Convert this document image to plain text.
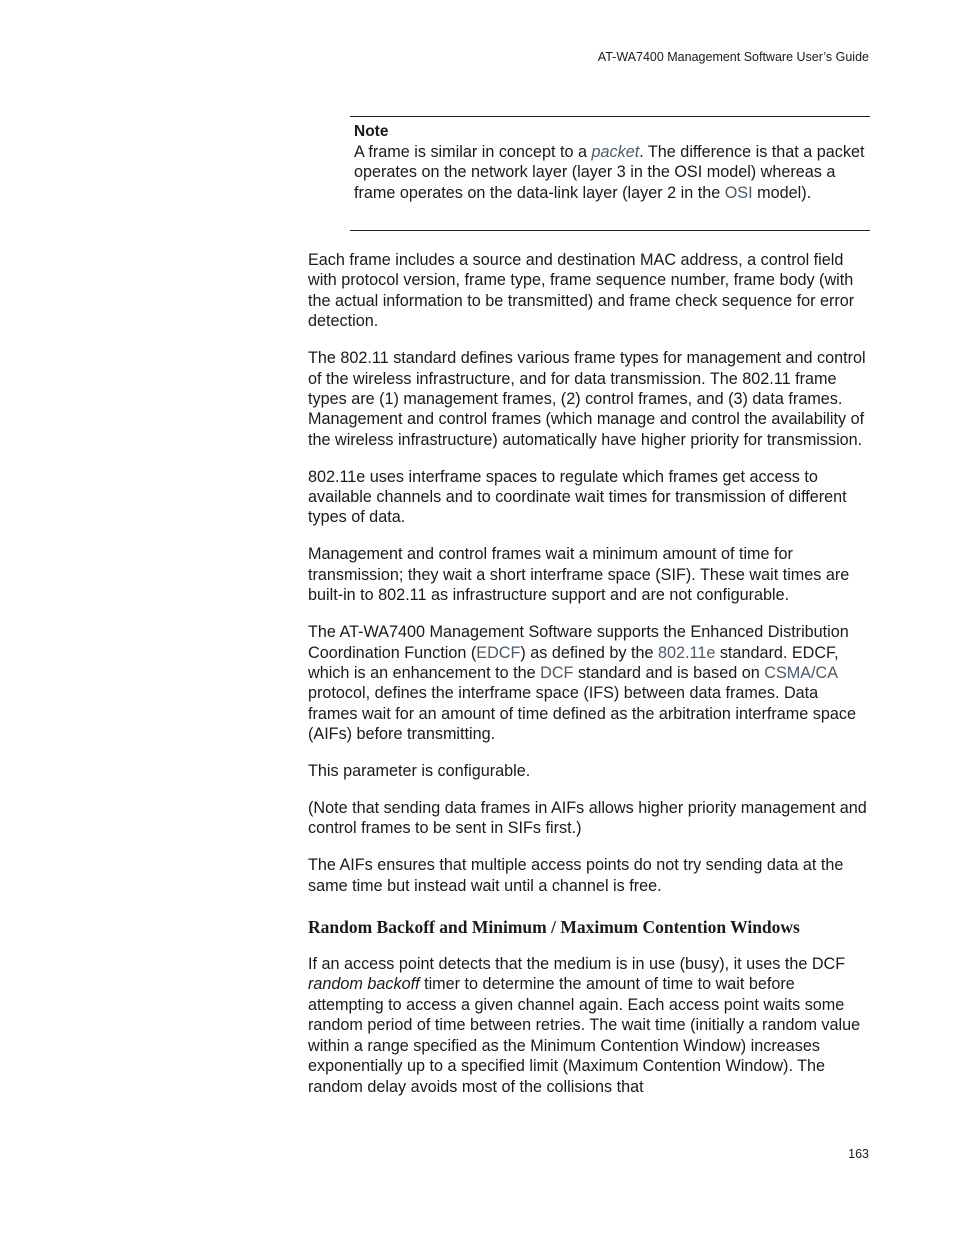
AT-WA7400 Management Software User’s Guide
Note
A frame is similar in concept to a packet. The difference is that a packet operates on the network layer (layer 3 in the OSI model) whereas a frame operates on the data-link layer (layer 2 in the OSI model).

Each frame includes a source and destination MAC address, a control field with protocol version, frame type, frame sequence number, frame body (with the actual information to be transmitted) and frame check sequence for error detection.

The 802.11 standard defines various frame types for management and control of the wireless infrastructure, and for data transmission. The 802.11 frame types are (1) management frames, (2) control frames, and (3) data frames. Management and control frames (which manage and control the availability of the wireless infrastructure) automatically have higher priority for transmission.

802.11e uses interframe spaces to regulate which frames get access to available channels and to coordinate wait times for transmission of different types of data.

Management and control frames wait a minimum amount of time for transmission; they wait a short interframe space (SIF). These wait times are built-in to 802.11 as infrastructure support and are not configurable.

The AT-WA7400 Management Software supports the Enhanced Distribution Coordination Function (EDCF) as defined by the 802.11e standard. EDCF, which is an enhancement to the DCF standard and is based on CSMA/CA protocol, defines the interframe space (IFS) between data frames. Data frames wait for an amount of time defined as the arbitration interframe space (AIFs) before transmitting.

This parameter is configurable.

(Note that sending data frames in AIFs allows higher priority management and control frames to be sent in SIFs first.)

The AIFs ensures that multiple access points do not try sending data at the same time but instead wait until a channel is free.

Random Backoff and Minimum / Maximum Contention Windows

If an access point detects that the medium is in use (busy), it uses the DCF random backoff timer to determine the amount of time to wait before attempting to access a given channel again. Each access point waits some random period of time between retries. The wait time (initially a random value within a range specified as the Minimum Contention Window) increases exponentially up to a specified limit (Maximum Contention Window). The random delay avoids most of the collisions that

163
